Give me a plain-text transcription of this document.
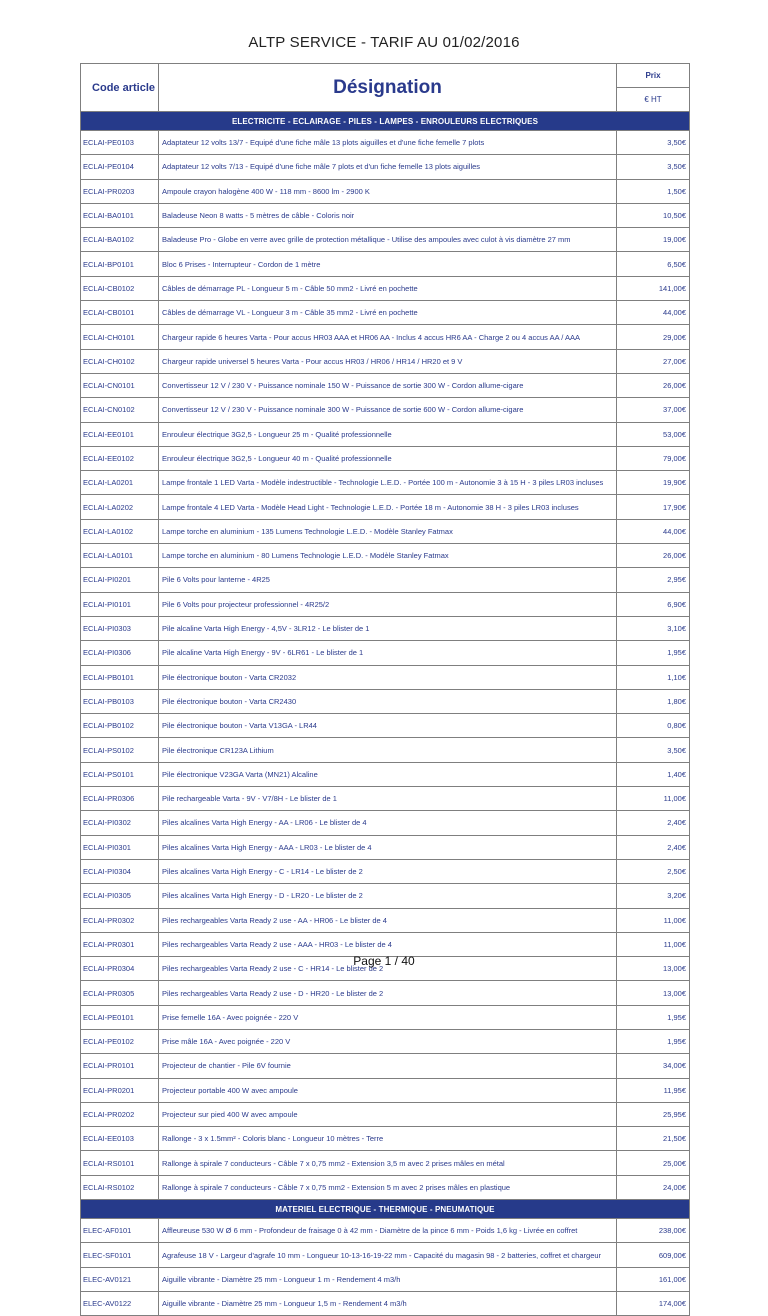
ALTP SERVICE - TARIF AU 01/02/2016
Code article	Désignation	Prix
€ HT

ELECTRICITE - ECLAIRAGE - PILES - LAMPES - ENROULEURS ELECTRIQUES		
ECLAI-PE0103	Adaptateur 12 volts 13/7 - Equipé d'une fiche mâle 13 plots aiguilles et d'une fiche femelle 7 plots	3,50€
ECLAI-PE0104	Adaptateur 12 volts 7/13 - Equipé d'une fiche mâle 7 plots et d'un fiche femelle 13 plots aiguilles	3,50€
ECLAI-PR0203	Ampoule crayon halogène 400 W - 118 mm - 8600 lm - 2900 K	1,50€
ECLAI-BA0101	Baladeuse Neon 8 watts - 5 mètres de câble - Coloris noir	10,50€
ECLAI-BA0102	Baladeuse Pro - Globe en verre avec grille de protection métallique - Utilise des ampoules avec culot à vis diamètre 27 mm	19,00€
ECLAI-BP0101	Bloc 6 Prises - Interrupteur - Cordon de 1 mètre	6,50€
ECLAI-CB0102	Câbles de démarrage PL - Longueur 5 m - Câble 50 mm2 - Livré en pochette	141,00€
ECLAI-CB0101	Câbles de démarrage VL - Longueur 3 m - Câble 35 mm2 - Livré en pochette	44,00€
ECLAI-CH0101	Chargeur rapide 6 heures Varta - Pour accus HR03 AAA et HR06 AA - Inclus 4 accus HR6 AA - Charge 2 ou 4 accus AA / AAA	29,00€
ECLAI-CH0102	Chargeur rapide universel 5 heures Varta - Pour accus HR03 / HR06 / HR14 / HR20 et 9 V	27,00€
ECLAI-CN0101	Convertisseur 12 V / 230 V - Puissance nominale 150 W - Puissance de sortie 300 W - Cordon allume-cigare	26,00€
ECLAI-CN0102	Convertisseur 12 V / 230 V - Puissance nominale 300 W - Puissance de sortie 600 W - Cordon allume-cigare	37,00€
ECLAI-EE0101	Enrouleur électrique 3G2,5 - Longueur 25 m - Qualité professionnelle	53,00€
ECLAI-EE0102	Enrouleur électrique 3G2,5 - Longueur 40 m - Qualité professionnelle	79,00€
ECLAI-LA0201	Lampe frontale 1 LED Varta - Modèle indestructible - Technologie L.E.D. - Portée 100 m - Autonomie 3 à 15 H - 3 piles LR03 incluses	19,90€
ECLAI-LA0202	Lampe frontale 4 LED Varta - Modèle Head Light - Technologie L.E.D. - Portée 18 m - Autonomie 38 H - 3 piles LR03 incluses	17,90€
ECLAI-LA0102	Lampe torche en aluminium - 135 Lumens Technologie L.E.D. - Modèle Stanley Fatmax	44,00€
ECLAI-LA0101	Lampe torche en aluminium - 80 Lumens Technologie L.E.D. - Modèle Stanley Fatmax	26,00€
ECLAI-PI0201	Pile 6 Volts pour lanterne - 4R25	2,95€
ECLAI-PI0101	Pile 6 Volts pour projecteur professionnel - 4R25/2	6,90€
ECLAI-PI0303	Pile alcaline Varta High Energy - 4,5V - 3LR12 - Le blister de 1	3,10€
ECLAI-PI0306	Pile alcaline Varta High Energy - 9V - 6LR61 - Le blister de 1	1,95€
ECLAI-PB0101	Pile électronique bouton - Varta CR2032	1,10€
ECLAI-PB0103	Pile électronique bouton - Varta CR2430	1,80€
ECLAI-PB0102	Pile électronique bouton - Varta V13GA - LR44	0,80€
ECLAI-PS0102	Pile électronique CR123A Lithium	3,50€
ECLAI-PS0101	Pile électronique V23GA Varta (MN21) Alcaline	1,40€
ECLAI-PR0306	Pile rechargeable Varta - 9V - V7/8H - Le blister de 1	11,00€
ECLAI-PI0302	Piles alcalines Varta High Energy - AA - LR06 - Le blister de 4	2,40€
ECLAI-PI0301	Piles alcalines Varta High Energy - AAA - LR03 - Le blister de 4	2,40€
ECLAI-PI0304	Piles alcalines Varta High Energy - C - LR14 - Le blister de 2	2,50€
ECLAI-PI0305	Piles alcalines Varta High Energy - D - LR20 - Le blister de 2	3,20€
ECLAI-PR0302	Piles rechargeables Varta Ready 2 use - AA - HR06 - Le blister de 4	11,00€
ECLAI-PR0301	Piles rechargeables Varta Ready 2 use - AAA - HR03 - Le blister de 4	11,00€
ECLAI-PR0304	Piles rechargeables Varta Ready 2 use - C - HR14 - Le blister de 2	13,00€
ECLAI-PR0305	Piles rechargeables Varta Ready 2 use - D - HR20 - Le blister de 2	13,00€
ECLAI-PE0101	Prise femelle 16A - Avec poignée - 220 V	1,95€
ECLAI-PE0102	Prise mâle 16A - Avec poignée - 220 V	1,95€
ECLAI-PR0101	Projecteur de chantier - Pile 6V fournie	34,00€
ECLAI-PR0201	Projecteur portable 400 W avec ampoule	11,95€
ECLAI-PR0202	Projecteur sur pied 400 W avec ampoule	25,95€
ECLAI-EE0103	Rallonge - 3 x 1.5mm² - Coloris blanc - Longueur 10 mètres - Terre	21,50€
ECLAI-RS0101	Rallonge à spirale 7 conducteurs - Câble 7 x 0,75 mm2 - Extension 3,5 m avec 2 prises mâles en métal	25,00€
ECLAI-RS0102	Rallonge à spirale 7 conducteurs - Câble 7 x 0,75 mm2 - Extension 5 m avec 2 prises mâles en plastique	24,00€
MATERIEL ELECTRIQUE - THERMIQUE - PNEUMATIQUE		
ELEC-AF0101	Affleureuse 530 W Ø 6 mm - Profondeur de fraisage 0 à 42 mm - Diamètre de la pince 6 mm - Poids 1,6 kg - Livrée en coffret	238,00€
ELEC-SF0101	Agrafeuse 18 V - Largeur d'agrafe 10 mm - Longueur 10-13-16-19-22 mm - Capacité du magasin 98 - 2 batteries, coffret et chargeur	609,00€
ELEC-AV0121	Aiguille vibrante - Diamètre 25 mm - Longueur 1 m - Rendement 4 m3/h	161,00€
ELEC-AV0122	Aiguille vibrante - Diamètre 25 mm - Longueur 1,5 m - Rendement 4 m3/h	174,00€
Page 1 / 40
